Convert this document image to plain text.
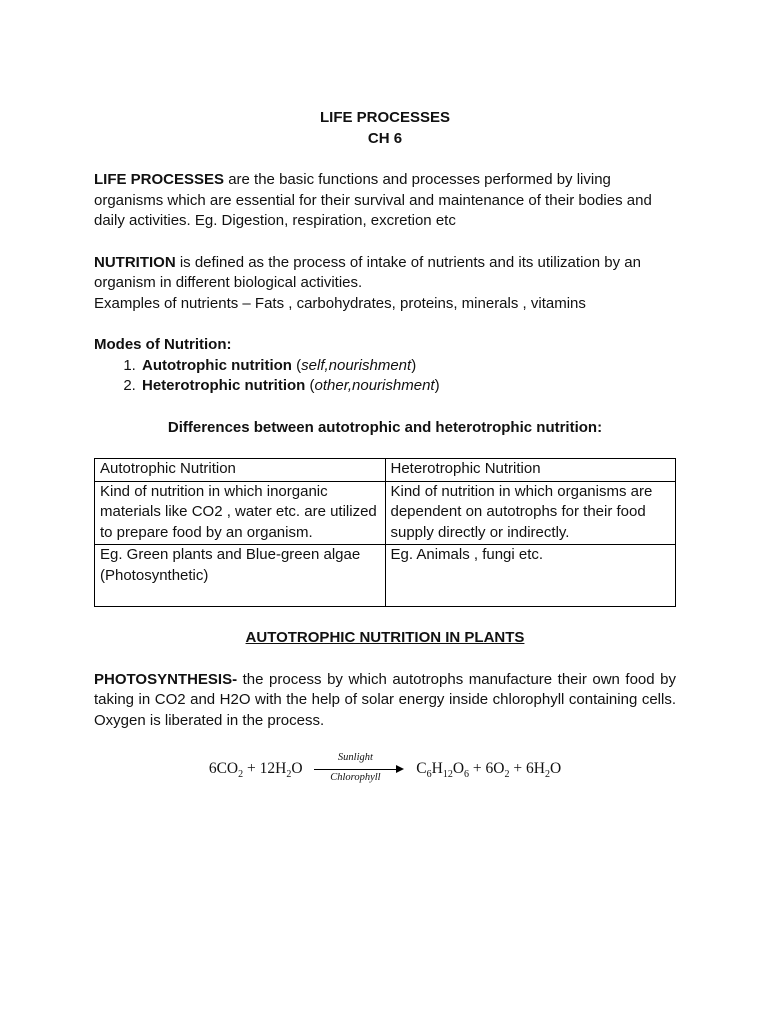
LIFE PROCESSES

CH 6

LIFE PROCESSES are the basic functions and processes performed by living organisms which are essential for their survival and maintenance of their bodies and daily activities. Eg. Digestion, respiration, excretion etc

NUTRITION is defined as the process of intake of nutrients and its utilization by an organism in different biological activities.

Examples of nutrients – Fats , carbohydrates, proteins, minerals , vitamins

Modes of Nutrition:

1. Autotrophic nutrition (self,nourishment)
2. Heterotrophic nutrition (other,nourishment)

Differences between autotrophic and heterotrophic nutrition:

Autotrophic Nutrition	Heterotrophic Nutrition
Kind of nutrition in which inorganic materials like CO2 , water etc. are utilized to prepare food by an organism.	Kind of nutrition in which organisms are dependent on autotrophs for their food supply directly or indirectly.
Eg. Green plants and Blue-green algae (Photosynthetic)	Eg. Animals , fungi etc.

AUTOTROPHIC NUTRITION IN PLANTS

PHOTOSYNTHESIS- the process by which autotrophs manufacture their own food by taking in CO2 and H2O with the help of solar energy inside chlorophyll containing cells. Oxygen is liberated in the process.

$6CO_2 + 12H_2O$
Sunlight
Chlorophyll
$C_6H_{12}O_6 + 6O_2 + 6H_2O$
